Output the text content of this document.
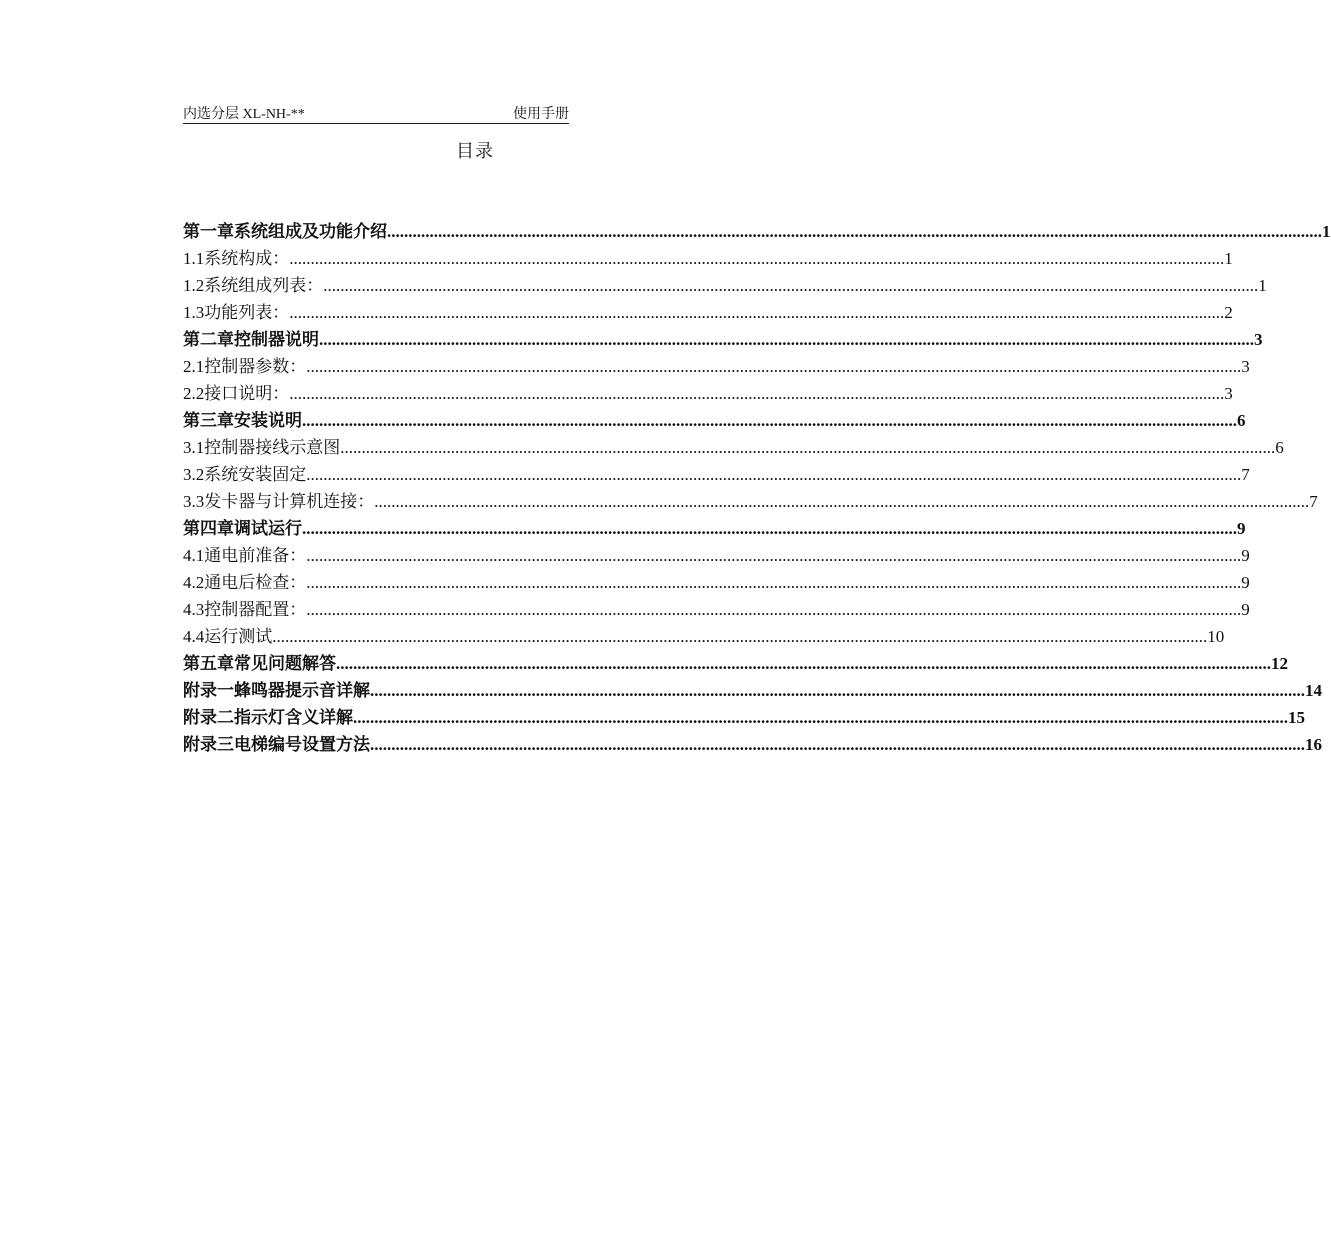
内选分层 XL-NH-**	使用手册
目录
第一章 系统组成及功能介绍 ............................................................................................................................................................................................................................ 1
1.1 系统构成： ............................................................................................................................................................................................................................ 1
1.2 系统组成列表： ............................................................................................................................................................................................................................ 1
1.3 功能列表： ............................................................................................................................................................................................................................ 2
第二章 控制器说明 ............................................................................................................................................................................................................................ 3
2.1 控制器参数： ............................................................................................................................................................................................................................ 3
2.2 接口说明： ............................................................................................................................................................................................................................ 3
第三章 安装说明 ............................................................................................................................................................................................................................ 6
3.1 控制器接线示意图 ............................................................................................................................................................................................................................ 6
3.2 系统安装固定 ............................................................................................................................................................................................................................ 7
3.3 发卡器与计算机连接： ............................................................................................................................................................................................................................ 7
第四章 调试运行 ............................................................................................................................................................................................................................ 9
4.1 通电前准备： ............................................................................................................................................................................................................................ 9
4.2 通电后检查： ............................................................................................................................................................................................................................ 9
4.3 控制器配置： ............................................................................................................................................................................................................................ 9
4.4 运行测试 ............................................................................................................................................................................................................................ 10
第五章 常见问题解答 ............................................................................................................................................................................................................................ 12
附录一 蜂鸣器提示音详解 ............................................................................................................................................................................................................................ 14
附录二 指示灯含义详解 ............................................................................................................................................................................................................................ 15
附录三 电梯编号设置方法 ............................................................................................................................................................................................................................ 16
